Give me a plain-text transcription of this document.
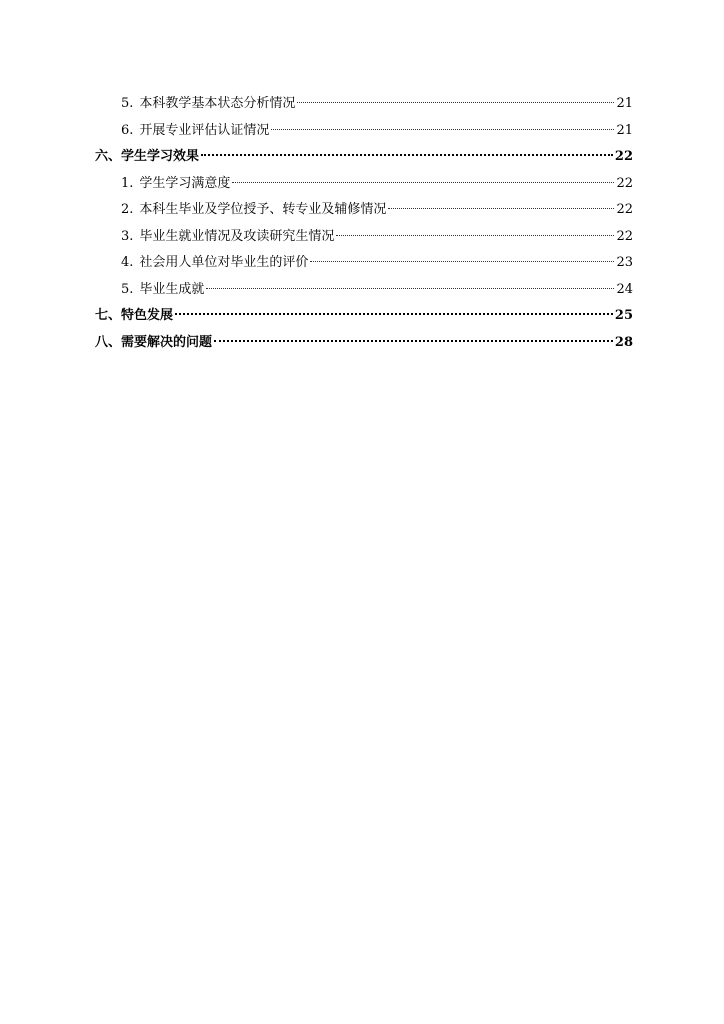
5. 本科教学基本状态分析情况	21
6. 开展专业评估认证情况	21
六、学生学习效果	22
1. 学生学习满意度	22
2. 本科生毕业及学位授予、转专业及辅修情况	22
3. 毕业生就业情况及攻读研究生情况	22
4. 社会用人单位对毕业生的评价	23
5. 毕业生成就	24
七、特色发展	25
八、需要解决的问题	28
